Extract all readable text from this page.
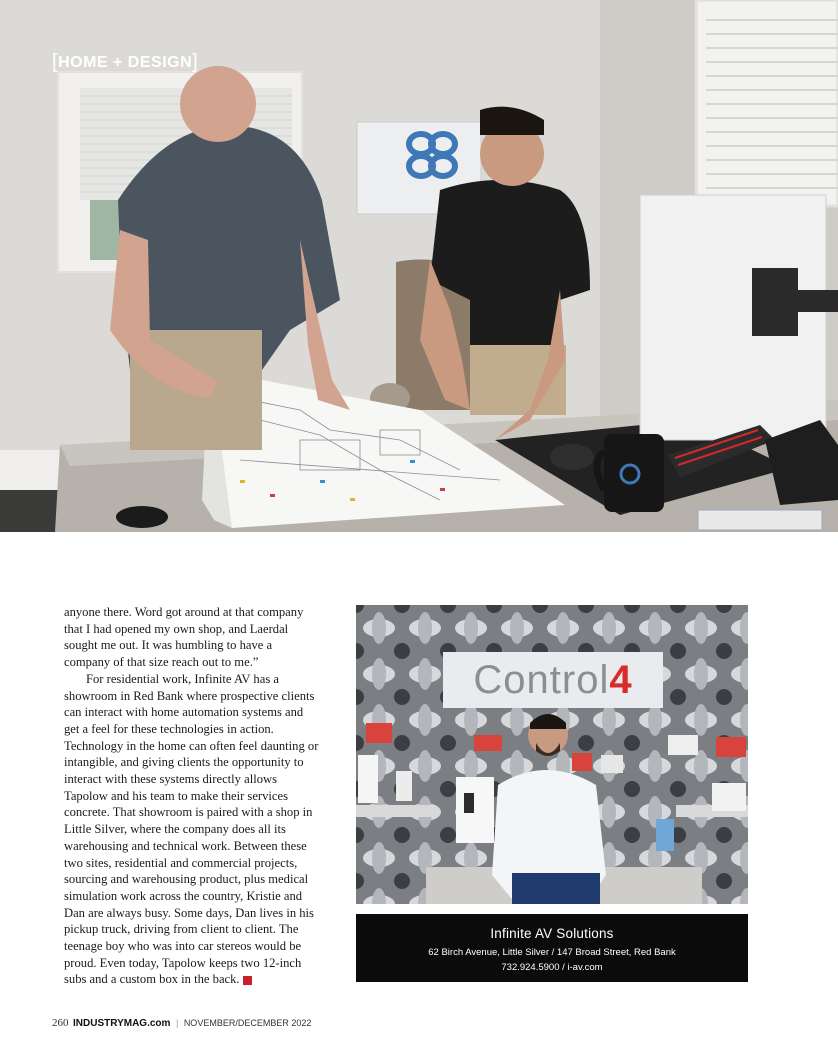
[HOME + DESIGN]

anyone there. Word got around at that company that I had opened my own shop, and Laerdal sought me out. It was humbling to have a company of that size reach out to me.”

For residential work, Infinite AV has a showroom in Red Bank where prospective clients can interact with home automation systems and get a feel for these technologies in action. Technology in the home can often feel daunting or intangible, and giving clients the opportunity to interact with these systems directly allows Tapolow and his team to make their services concrete. That showroom is paired with a shop in Little Silver, where the company does all its warehousing and technical work. Between these two sites, residential and commercial projects, sourcing and warehousing product, plus medical simulation work across the country, Kristie and Dan are always busy. Some days, Dan lives in his pickup truck, driving from client to client. The teenage boy who was into car stereos would be proud. Even today, Tapolow keeps two 12-inch subs and a custom box in the back.	I

Control 4
Infinite AV Solutions
62 Birch Avenue, Little Silver / 147 Broad Street, Red Bank
732.924.5900 / i-av.com
260 INDUSTRYMAG.com | NOVEMBER/DECEMBER 2022
